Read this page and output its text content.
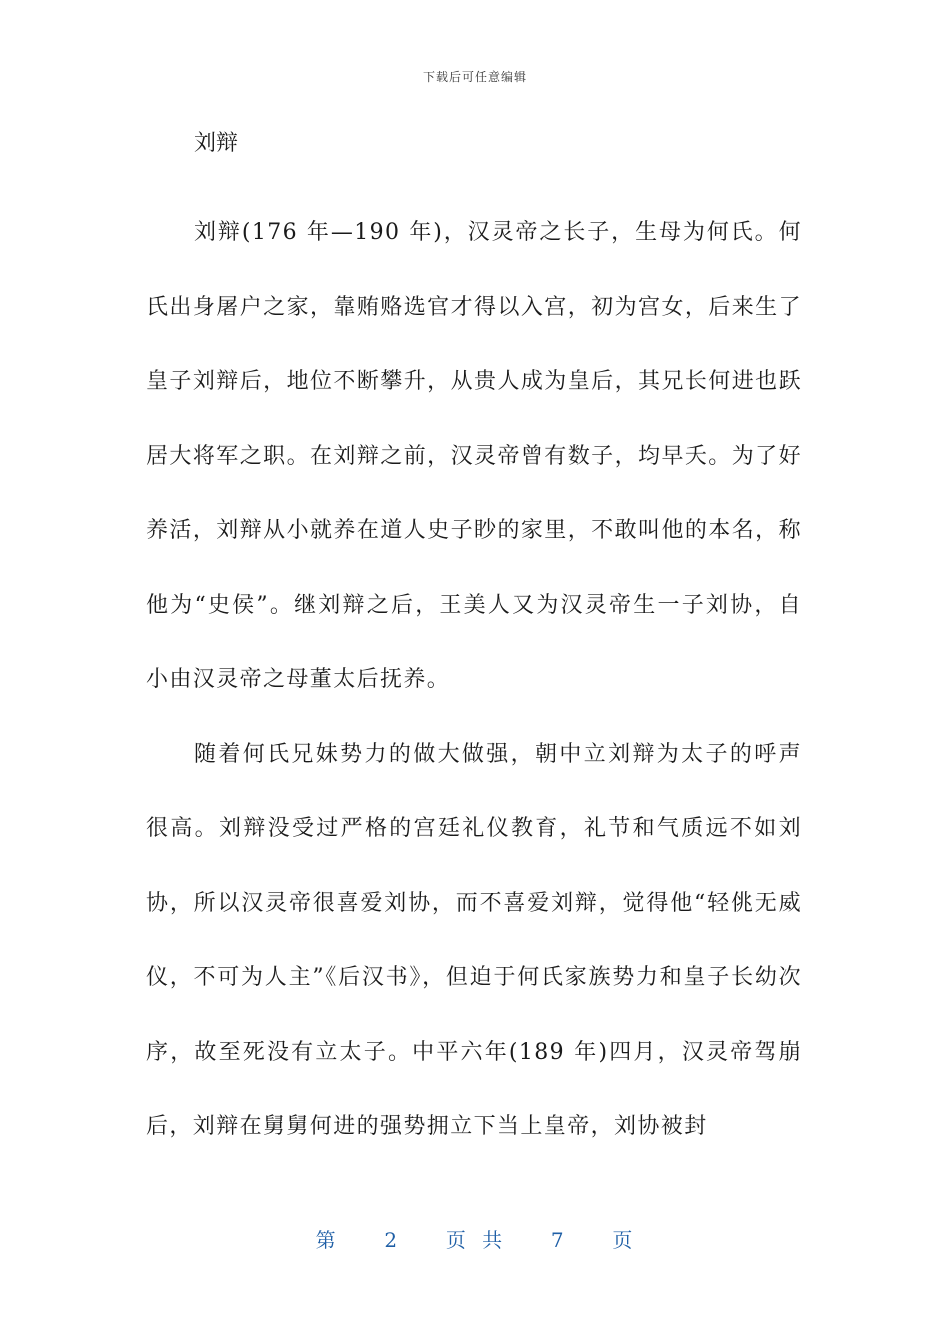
下载后可任意编辑
刘辩

刘辩(176 年—190 年)，汉灵帝之长子，生母为何氏。何氏出身屠户之家，靠贿赂选官才得以入宫，初为宫女，后来生了皇子刘辩后，地位不断攀升，从贵人成为皇后，其兄长何进也跃居大将军之职。在刘辩之前，汉灵帝曾有数子，均早夭。为了好养活，刘辩从小就养在道人史子眇的家里，不敢叫他的本名，称他为“史侯”。继刘辩之后，王美人又为汉灵帝生一子刘协，自小由汉灵帝之母董太后抚养。

随着何氏兄妹势力的做大做强，朝中立刘辩为太子的呼声很高。刘辩没受过严格的宫廷礼仪教育，礼节和气质远不如刘协，所以汉灵帝很喜爱刘协，而不喜爱刘辩，觉得他“轻佻无威仪，不可为人主”《后汉书》，但迫于何氏家族势力和皇子长幼次序，故至死没有立太子。中平六年(189 年)四月，汉灵帝驾崩后，刘辩在舅舅何进的强势拥立下当上皇帝，刘协被封

第 2 页 共 7 页
